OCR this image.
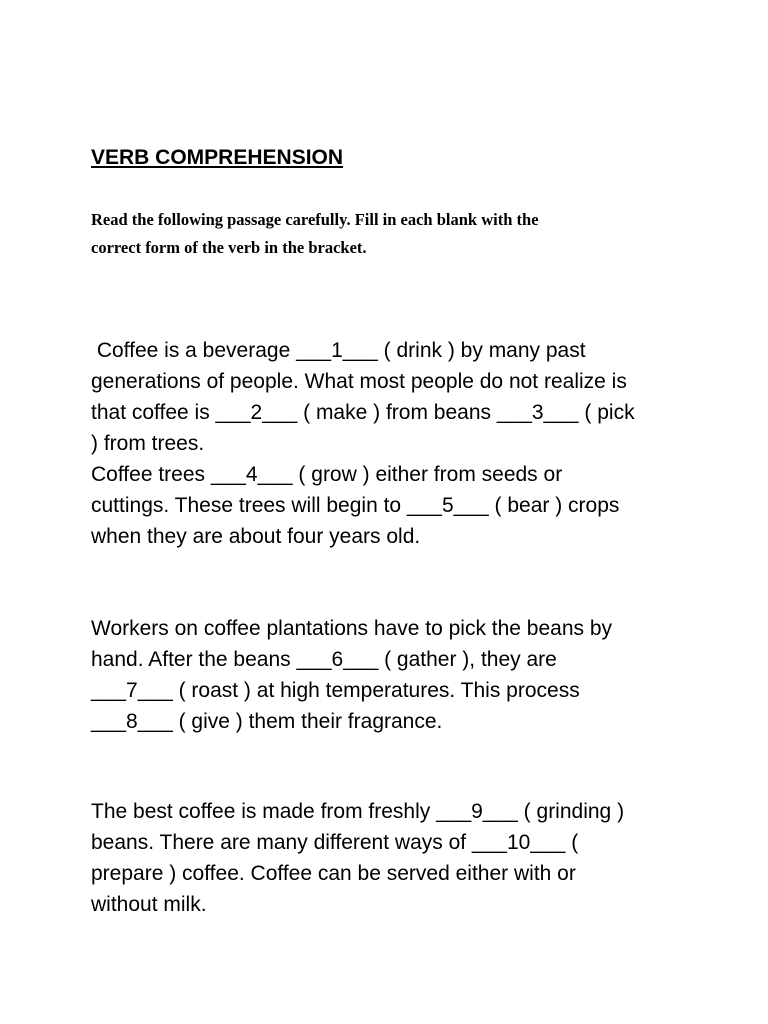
VERB COMPREHENSION

Read the following passage carefully. Fill in each blank with the
correct form of the verb in the bracket.

Coffee is a beverage ___1___ ( drink ) by many past
generations of people. What most people do not realize is
that coffee is ___2___ ( make ) from beans ___3___ ( pick
) from trees.
Coffee trees ___4___ ( grow ) either from seeds or
cuttings. These trees will begin to ___5___ ( bear ) crops
when they are about four years old.

Workers on coffee plantations have to pick the beans by
hand. After the beans ___6___ ( gather ), they are
___7___ ( roast ) at high temperatures. This process
___8___ ( give ) them their fragrance.

The best coffee is made from freshly ___9___ ( grinding )
beans. There are many different ways of ___10___ (
prepare ) coffee. Coffee can be served either with or
without milk.
